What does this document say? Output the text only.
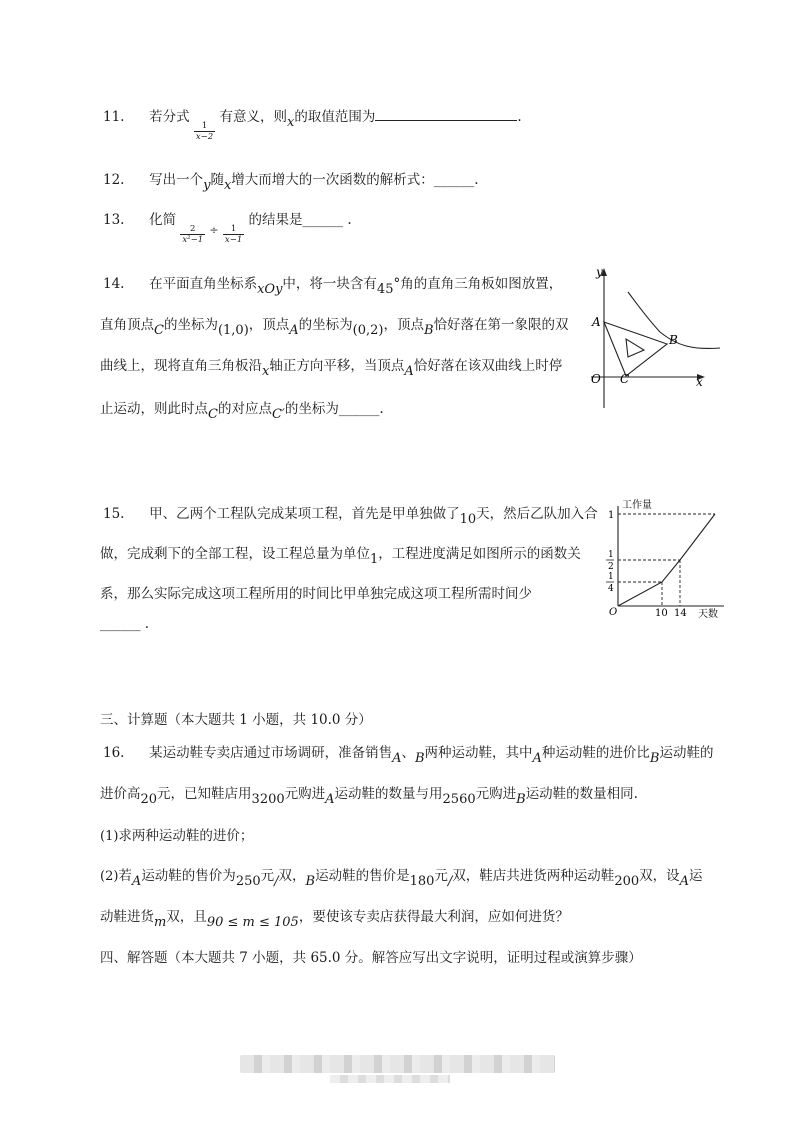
11. 若分式
$\frac{1}{x-2}$
有意义，则x的取值范围为	.
12. 写出一个y随x增大而增大的一次函数的解析式：______.
13. 化简
$\frac{2}{\text{x²−1}} \div \frac{1}{x-1}$
的结果是______ .
14. 在平面直角坐标系xOy中，将一块含有45°角的直角三角板如图放置，
直角顶点C的坐标为(1,0)，顶点A的坐标为(0,2)，顶点B恰好落在第一象限的双
曲线上，现将直角三角板沿x轴正方向平移，当顶点A恰好落在该双曲线上时停
止运动，则此时点C的对应点C′的坐标为______.
y
A
B
O C	x
15. 甲、乙两个工程队完成某项工程，首先是甲单独做了10天，然后乙队加入合
做，完成剩下的全部工程，设工程总量为单位1，工程进度满足如图所示的函数关
系，那么实际完成这项工程所用的时间比甲单独完成这项工程所需时间少
______ .
工作量
1
1
2
1
4
O	10 14 天数
三、计算题（本大题共 1 小题，共 10.0 分）
16. 某运动鞋专卖店通过市场调研，准备销售A、B两种运动鞋，其中A种运动鞋的进价比B运动鞋的
进价高20元，已知鞋店用3200元购进A运动鞋的数量与用2560元购进B运动鞋的数量相同.
(1)求两种运动鞋的进价；
(2)若A运动鞋的售价为250元/双，B运动鞋的售价是180元/双，鞋店共进货两种运动鞋200双，设A运
动鞋进货m双，且90 ≤ m ≤ 105，要使该专卖店获得最大利润，应如何进货？
四、解答题（本大题共 7 小题，共 65.0 分。解答应写出文字说明，证明过程或演算步骤）
